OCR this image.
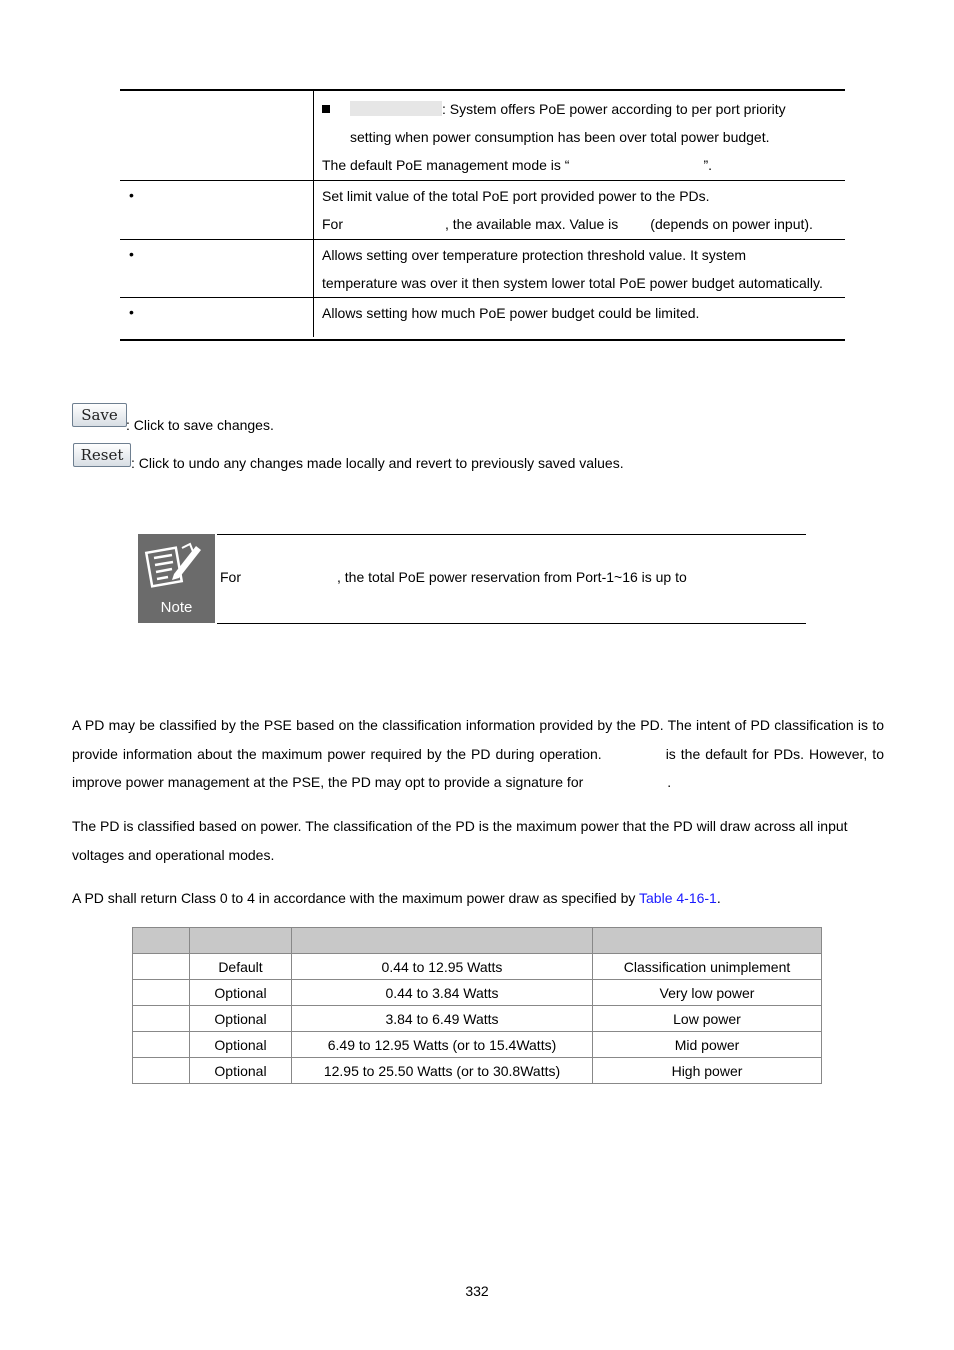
	: System offers PoE power according to per port priority
setting when power consumption has been over total power budget.
The default PoE management mode is “ ”.
•	Set limit value of the total PoE port provided power to the PDs.
For , the available max. Value is (depends on power input).
•	Allows setting over temperature protection threshold value. It system
temperature was over it then system lower total PoE power budget automatically.
•	Allows setting how much PoE power budget could be limited.
Save
: Click to save changes.
Reset : Click to undo any changes made locally and revert to previously saved values.
Note
For	, the total PoE power reservation from Port-1~16 is up to
A PD may be classified by the PSE based on the classification information provided by the PD. The intent of PD classification is to provide information about the maximum power required by the PD during operation.	is the default for PDs. However, to improve power management at the PSE, the PD may opt to provide a signature for	.
The PD is classified based on power. The classification of the PD is the maximum power that the PD will draw across all input voltages and operational modes.
A PD shall return Class 0 to 4 in accordance with the maximum power draw as specified by Table 4-16-1.

	Default	0.44 to 12.95 Watts	Classification unimplement
	Optional	0.44 to 3.84 Watts	Very low power
	Optional	3.84 to 6.49 Watts	Low power
	Optional	6.49 to 12.95 Watts (or to 15.4Watts)	Mid power
	Optional	12.95 to 25.50 Watts (or to 30.8Watts)	High power
332
